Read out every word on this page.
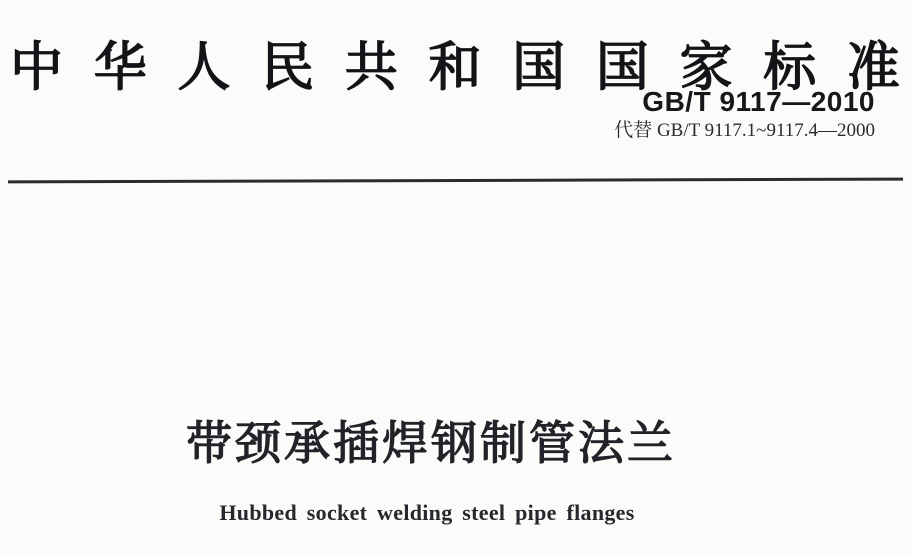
中 华 人 民 共 和 国 国 家 标 准
GB/T 9117—2010
代替 GB/T 9117.1~9117.4—2000
带颈承插焊钢制管法兰
Hubbed socket welding steel pipe flanges
